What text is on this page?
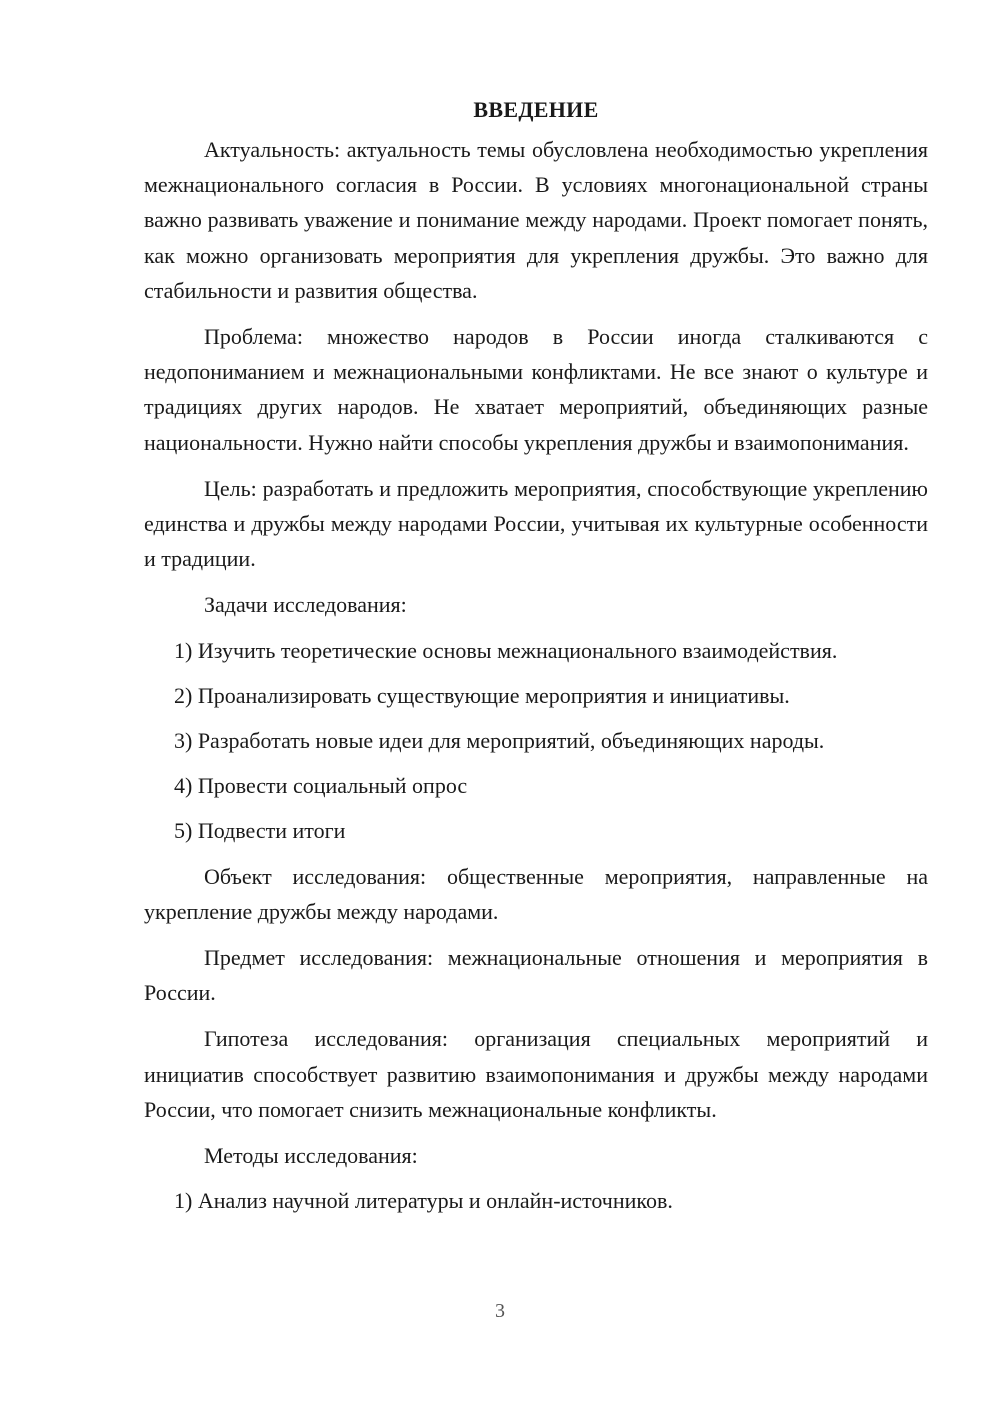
ВВЕДЕНИЕ

Актуальность: актуальность темы обусловлена необходимостью укрепления межнационального согласия в России. В условиях многонациональной страны важно развивать уважение и понимание между народами. Проект помогает понять, как можно организовать мероприятия для укрепления дружбы. Это важно для стабильности и развития общества.

Проблема: множество народов в России иногда сталкиваются с недопониманием и межнациональными конфликтами. Не все знают о культуре и традициях других народов. Не хватает мероприятий, объединяющих разные национальности. Нужно найти способы укрепления дружбы и взаимопонимания.

Цель: разработать и предложить мероприятия, способствующие укреплению единства и дружбы между народами России, учитывая их культурные особенности и традиции.

Задачи исследования:

1) Изучить теоретические основы межнационального взаимодействия.

2) Проанализировать существующие мероприятия и инициативы.

3) Разработать новые идеи для мероприятий, объединяющих народы.

4) Провести социальный опрос

5) Подвести итоги

Объект исследования: общественные мероприятия, направленные на укрепление дружбы между народами.

Предмет исследования: межнациональные отношения и мероприятия в России.

Гипотеза исследования: организация специальных мероприятий и инициатив способствует развитию взаимопонимания и дружбы между народами России, что помогает снизить межнациональные конфликты.

Методы исследования:

1) Анализ научной литературы и онлайн-источников.

3
